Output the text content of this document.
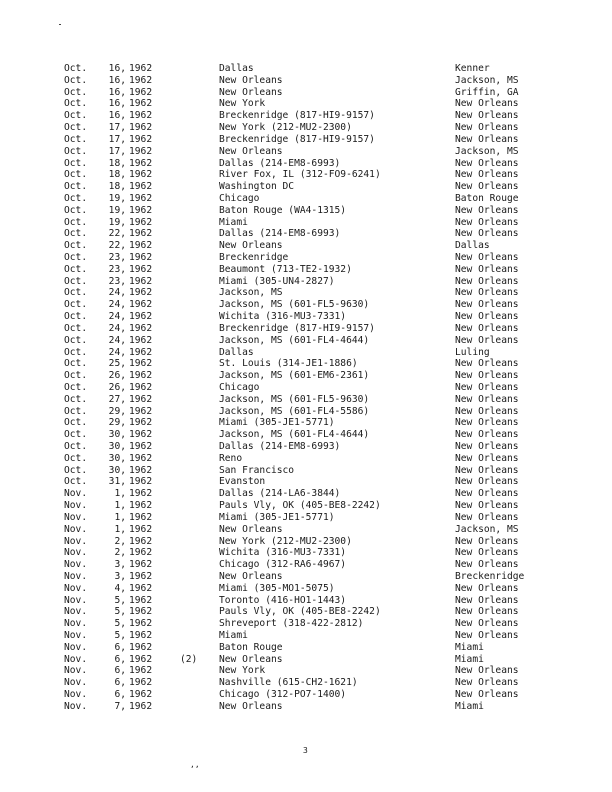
Oct.	16, 1962	Dallas	Kenner
Oct.	16, 1962	New Orleans	Jackson, MS
Oct.	16, 1962	New Orleans	Griffin, GA
Oct.	16, 1962	New York	New Orleans
Oct.	16, 1962	Breckenridge (817-HI9-9157)	New Orleans
Oct.	17, 1962	New York (212-MU2-2300)	New Orleans
Oct.	17, 1962	Breckenridge (817-HI9-9157)	New Orleans
Oct.	17, 1962	New Orleans	Jackson, MS
Oct.	18, 1962	Dallas (214-EM8-6993)	New Orleans
Oct.	18, 1962	River Fox, IL (312-FO9-6241)	New Orleans
Oct.	18, 1962	Washington DC	New Orleans
Oct.	19, 1962	Chicago	Baton Rouge
Oct.	19, 1962	Baton Rouge (WA4-1315)	New Orleans
Oct.	19, 1962	Miami	New Orleans
Oct.	22, 1962	Dallas (214-EM8-6993)	New Orleans
Oct.	22, 1962	New Orleans	Dallas
Oct.	23, 1962	Breckenridge	New Orleans
Oct.	23, 1962	Beaumont (713-TE2-1932)	New Orleans
Oct.	23, 1962	Miami (305-UN4-2827)	New Orleans
Oct.	24, 1962	Jackson, MS	New Orleans
Oct.	24, 1962	Jackson, MS (601-FL5-9630)	New Orleans
Oct.	24, 1962	Wichita (316-MU3-7331)	New Orleans
Oct.	24, 1962	Breckenridge (817-HI9-9157)	New Orleans
Oct.	24, 1962	Jackson, MS (601-FL4-4644)	New Orleans
Oct.	24, 1962	Dallas	Luling
Oct.	25, 1962	St. Louis (314-JE1-1886)	New Orleans
Oct.	26, 1962	Jackson, MS (601-EM6-2361)	New Orleans
Oct.	26, 1962	Chicago	New Orleans
Oct.	27, 1962	Jackson, MS (601-FL5-9630)	New Orleans
Oct.	29, 1962	Jackson, MS (601-FL4-5586)	New Orleans
Oct.	29, 1962	Miami (305-JE1-5771)	New Orleans
Oct.	30, 1962	Jackson, MS (601-FL4-4644)	New Orleans
Oct.	30, 1962	Dallas (214-EM8-6993)	New Orleans
Oct.	30, 1962	Reno	New Orleans
Oct.	30, 1962	San Francisco	New Orleans
Oct.	31, 1962	Evanston	New Orleans
Nov.	1, 1962	Dallas (214-LA6-3844)	New Orleans
Nov.	1, 1962	Pauls Vly, OK (405-BE8-2242)	New Orleans
Nov.	1, 1962	Miami (305-JE1-5771)	New Orleans
Nov.	1, 1962	New Orleans	Jackson, MS
Nov.	2, 1962	New York (212-MU2-2300)	New Orleans
Nov.	2, 1962	Wichita (316-MU3-7331)	New Orleans
Nov.	3, 1962	Chicago (312-RA6-4967)	New Orleans
Nov.	3, 1962	New Orleans	Breckenridge
Nov.	4, 1962	Miami (305-MO1-5075)	New Orleans
Nov.	5, 1962	Toronto (416-HO1-1443)	New Orleans
Nov.	5, 1962	Pauls Vly, OK (405-BE8-2242)	New Orleans
Nov.	5, 1962	Shreveport (318-422-2812)	New Orleans
Nov.	5, 1962	Miami	New Orleans
Nov.	6, 1962	Baton Rouge	Miami
Nov.	6, 1962	(2) New Orleans	Miami
Nov.	6, 1962	New York	New Orleans
Nov.	6, 1962	Nashville (615-CH2-1621)	New Orleans
Nov.	6, 1962	Chicago (312-PO7-1400)	New Orleans
Nov.	7, 1962	New Orleans	Miami
3
,,
